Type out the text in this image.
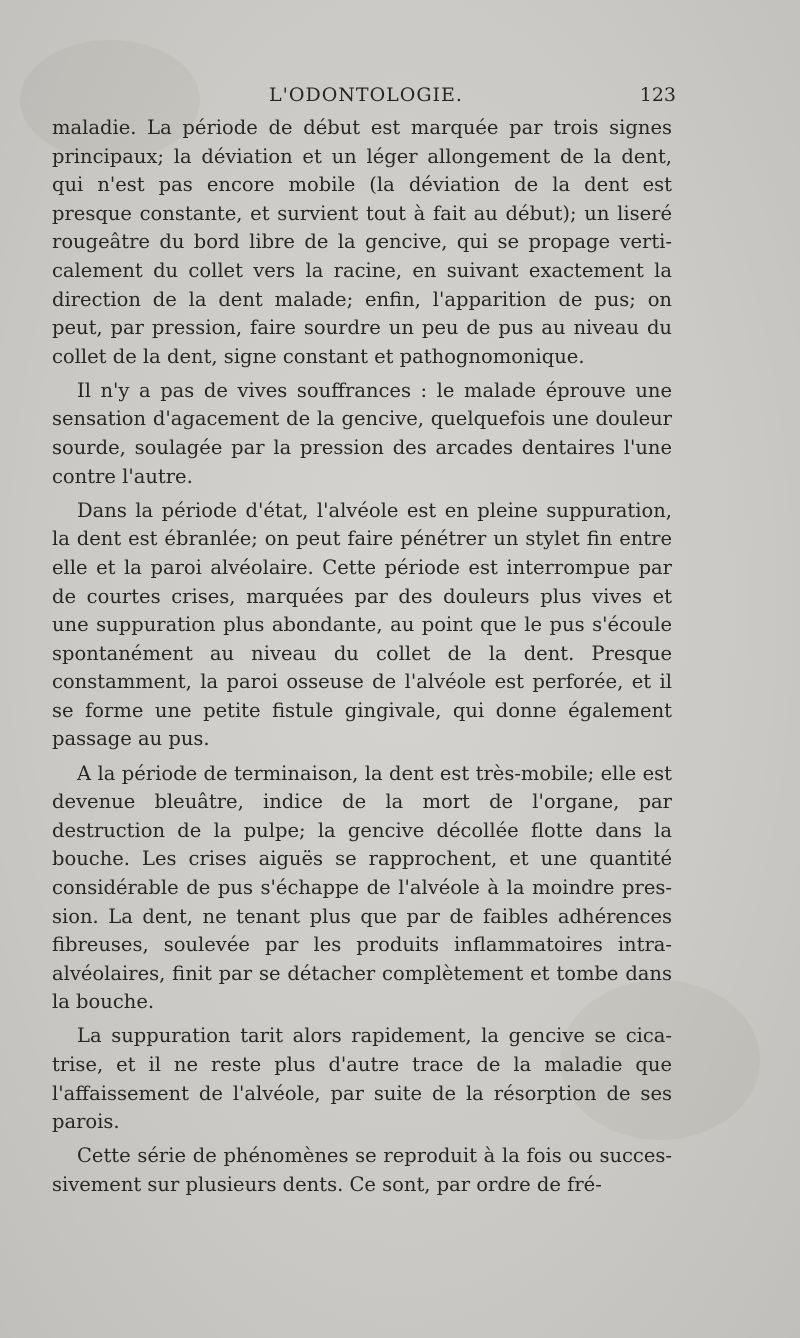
L'ODONTOLOGIE.	123

maladie. La période de début est marquée par trois signes principaux; la déviation et un léger allongement de la dent, qui n'est pas encore mobile (la déviation de la dent est presque constante, et survient tout à fait au début); un liseré rougeâtre du bord libre de la gencive, qui se propage verticalement du collet vers la racine, en suivant exactement la direction de la dent malade; enfin, l'apparition de pus; on peut, par pression, faire sourdre un peu de pus au niveau du collet de la dent, signe constant et pathognomonique.

Il n'y a pas de vives souffrances : le malade éprouve une sensation d'agacement de la gencive, quelquefois une douleur sourde, soulagée par la pression des arcades dentaires l'une contre l'autre.

Dans la période d'état, l'alvéole est en pleine suppuration, la dent est ébranlée; on peut faire pénétrer un stylet fin entre elle et la paroi alvéolaire. Cette période est interrompue par de courtes crises, marquées par des douleurs plus vives et une suppuration plus abondante, au point que le pus s'écoule spontanément au niveau du collet de la dent. Presque constamment, la paroi osseuse de l'alvéole est perforée, et il se forme une petite fistule gingivale, qui donne également passage au pus.

A la période de terminaison, la dent est très-mobile; elle est devenue bleuâtre, indice de la mort de l'organe, par destruction de la pulpe; la gencive décollée flotte dans la bouche. Les crises aiguës se rapprochent, et une quantité considérable de pus s'échappe de l'alvéole à la moindre pression. La dent, ne tenant plus que par de faibles adhérences fibreuses, soulevée par les produits inflammatoires intraalvéolaires, finit par se détacher complètement et tombe dans la bouche.

La suppuration tarit alors rapidement, la gencive se cicatrise, et il ne reste plus d'autre trace de la maladie que l'affaissement de l'alvéole, par suite de la résorption de ses parois.

Cette série de phénomènes se reproduit à la fois ou successivement sur plusieurs dents. Ce sont, par ordre de fré-
